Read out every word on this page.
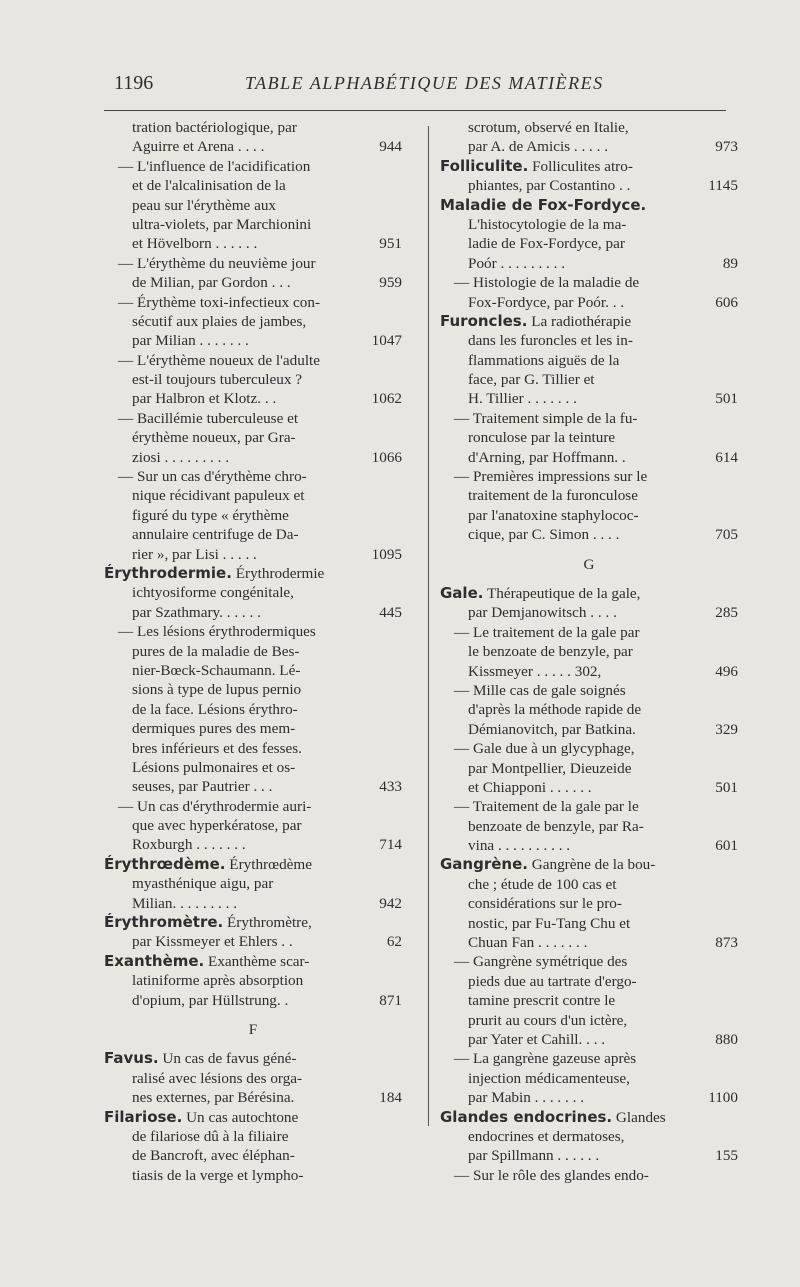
1196	TABLE ALPHABÉTIQUE DES MATIÈRES
tration bactériologique, par
Aguirre et Arena . . . .	944
— L'influence de l'acidification
et de l'alcalinisation de la
peau sur l'érythème aux
ultra-violets, par Marchionini
et Hövelborn . . . . . .	951
— L'érythème du neuvième jour
de Milian, par Gordon . . .	959
— Érythème toxi-infectieux con-
sécutif aux plaies de jambes,
par Milian . . . . . . .	1047
— L'érythème noueux de l'adulte
est-il toujours tuberculeux ?
par Halbron et Klotz. . .	1062
— Bacillémie tuberculeuse et
érythème noueux, par Gra-
ziosi . . . . . . . . .	1066
— Sur un cas d'érythème chro-
nique récidivant papuleux et
figuré du type « érythème
annulaire centrifuge de Da-
rier », par Lisi . . . . .	1095
Érythrodermie. Érythrodermie
ichtyosiforme congénitale,
par Szathmary. . . . . .	445
— Les lésions érythrodermiques
pures de la maladie de Bes-
nier-Bœck-Schaumann. Lé-
sions à type de lupus pernio
de la face. Lésions érythro-
dermiques pures des mem-
bres inférieurs et des fesses.
Lésions pulmonaires et os-
seuses, par Pautrier . . .	433
— Un cas d'érythrodermie auri-
que avec hyperkératose, par
Roxburgh . . . . . . .	714
Érythrœdème. Érythrœdème
myasthénique aigu, par
Milian. . . . . . . . .	942
Érythromètre. Érythromètre,
par Kissmeyer et Ehlers . .	62
Exanthème. Exanthème scar-
latiniforme après absorption
d'opium, par Hüllstrung. .	871
F
Favus. Un cas de favus géné-
ralisé avec lésions des orga-
nes externes, par Bérésina.	184
Filariose. Un cas autochtone
de filariose dû à la filiaire
de Bancroft, avec éléphan-
tiasis de la verge et lympho-
scrotum, observé en Italie,
par A. de Amicis . . . . .	973
Folliculite. Folliculites atro-
phiantes, par Costantino . .	1145
Maladie de Fox-Fordyce.
L'histocytologie de la ma-
ladie de Fox-Fordyce, par
Poór . . . . . . . . .	89
— Histologie de la maladie de
Fox-Fordyce, par Poór. . .	606
Furoncles. La radiothérapie
dans les furoncles et les in-
flammations aiguës de la
face, par G. Tillier et
H. Tillier . . . . . . .	501
— Traitement simple de la fu-
ronculose par la teinture
d'Arning, par Hoffmann. .	614
— Premières impressions sur le
traitement de la furonculose
par l'anatoxine staphylococ-
cique, par C. Simon . . . .	705
G
Gale. Thérapeutique de la gale,
par Demjanowitsch . . . .	285
— Le traitement de la gale par
le benzoate de benzyle, par
Kissmeyer . . . . . 302,	496
— Mille cas de gale soignés
d'après la méthode rapide de
Démianovitch, par Batkina.	329
— Gale due à un glycyphage,
par Montpellier, Dieuzeide
et Chiapponi . . . . . .	501
— Traitement de la gale par le
benzoate de benzyle, par Ra-
vina . . . . . . . . . .	601
Gangrène. Gangrène de la bou-
che ; étude de 100 cas et
considérations sur le pro-
nostic, par Fu-Tang Chu et
Chuan Fan . . . . . . .	873
— Gangrène symétrique des
pieds due au tartrate d'ergo-
tamine prescrit contre le
prurit au cours d'un ictère,
par Yater et Cahill. . . .	880
— La gangrène gazeuse après
injection médicamenteuse,
par Mabin . . . . . . .	1100
Glandes endocrines. Glandes
endocrines et dermatoses,
par Spillmann . . . . . .	155
— Sur le rôle des glandes endo-
